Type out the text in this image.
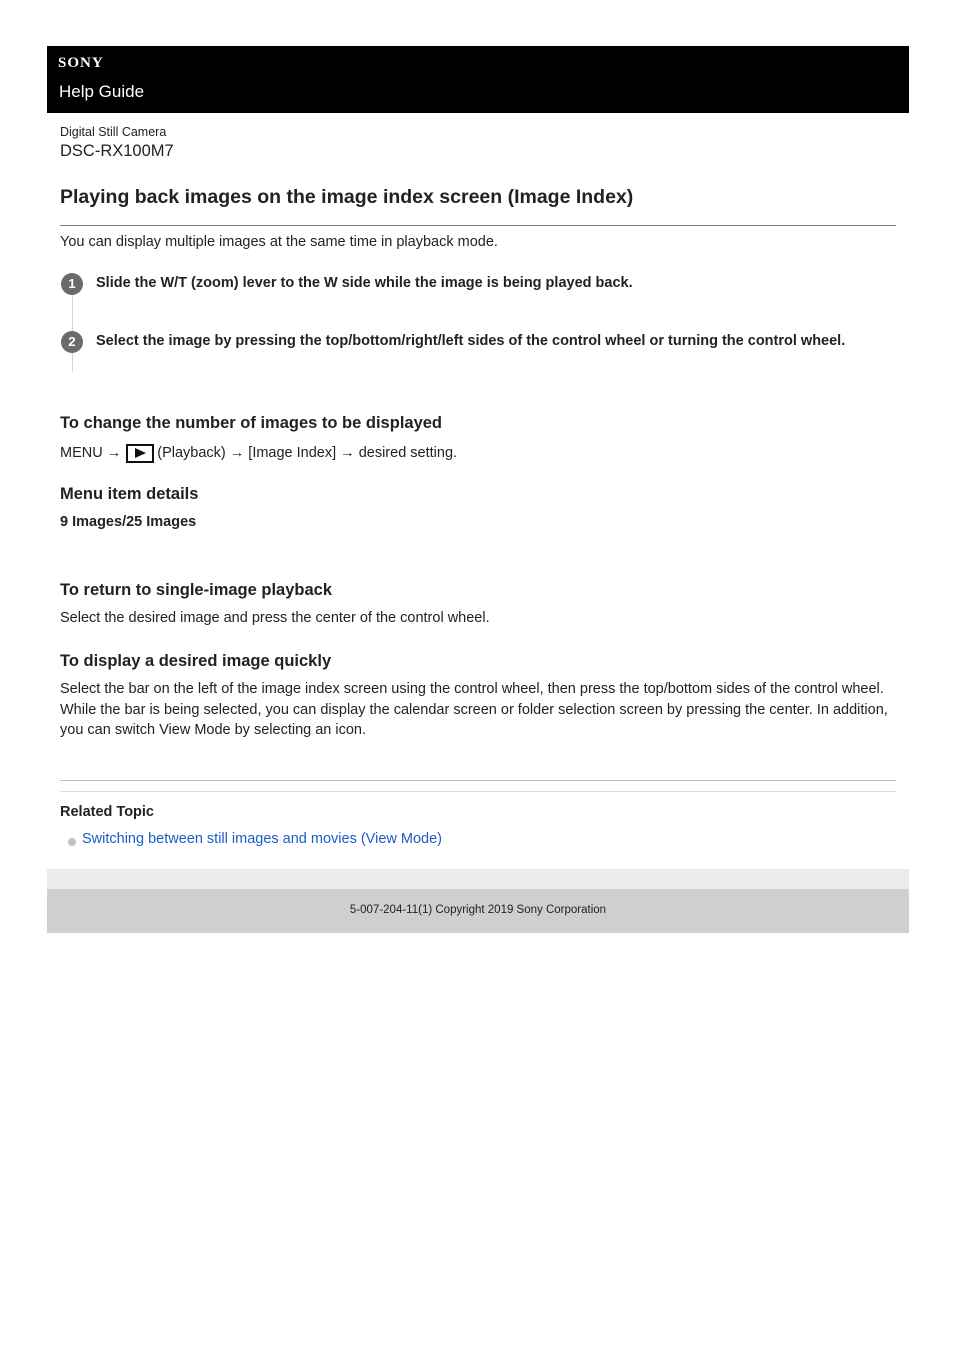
SONY
Help Guide
Digital Still Camera
DSC-RX100M7
Playing back images on the image index screen (Image Index)
You can display multiple images at the same time in playback mode.
To change the number of images to be displayed
MENU → (Playback) → [Image Index] → desired setting.
Menu item details
9 Images/25 Images
To return to single-image playback
Select the desired image and press the center of the control wheel.
To display a desired image quickly
Select the bar on the left of the image index screen using the control wheel, then press the top/bottom sides of the control wheel. While the bar is being selected, you can display the calendar screen or folder selection screen by pressing the center. In addition, you can switch View Mode by selecting an icon.
Related Topic
1	Slide the W/T (zoom) lever to the W side while the image is being played back.
2	Select the image by pressing the top/bottom/right/left sides of the control wheel or turning the control wheel.
Switching between still images and movies (View Mode)
5-007-204-11(1) Copyright 2019 Sony Corporation
